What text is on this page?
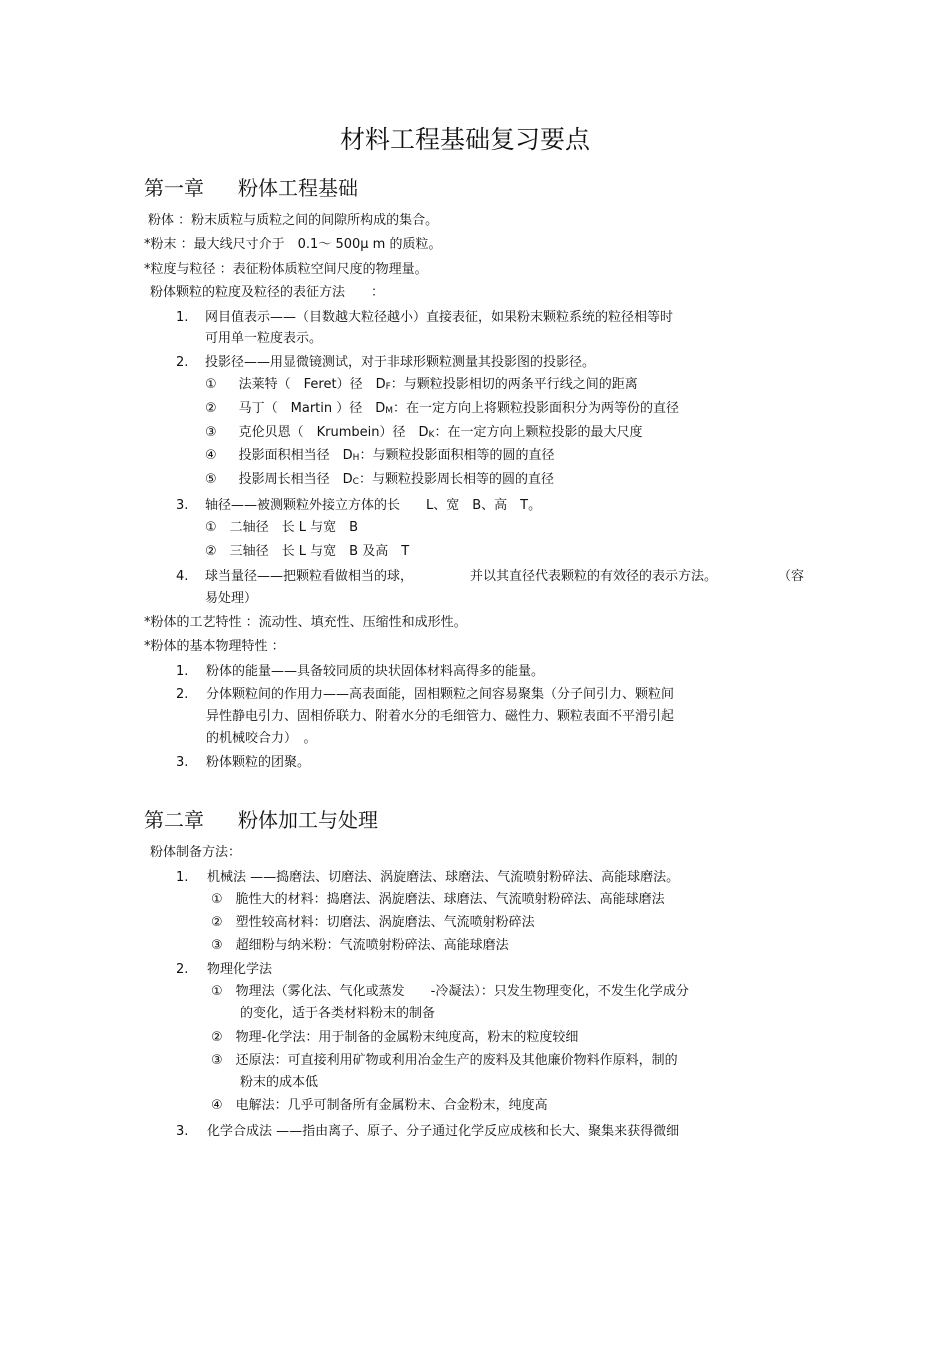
材料工程基础复习要点
第一章 粉体工程基础
粉体 ：粉末质粒与质粒之间的间隙所构成的集合。
*粉末 ：最大线尺寸介于　0.1～ 500μ m 的质粒。
*粒度与粒径 ：表征粉体质粒空间尺度的物理量。
粉体颗粒的粒度及粒径的表征方法　　：
1. 网目值表示——（目数越大粒径越小）直接表征，如果粉末颗粒系统的粒径相等时
可用单一粒度表示。
2. 投影径——用显微镜测试，对于非球形颗粒测量其投影图的投影径。
① 法莱特（　Feret）径　$D_F$：与颗粒投影相切的两条平行线之间的距离
② 马丁（　Martin ）径　$D_M$：在一定方向上将颗粒投影面积分为两等份的直径
③ 克伦贝恩（　Krumbein）径　$D_K$：在一定方向上颗粒投影的最大尺度
④ 投影面积相当径　$D_H$：与颗粒投影面积相等的圆的直径
⑤ 投影周长相当径　$D_C$：与颗粒投影周长相等的圆的直径
3. 轴径——被测颗粒外接立方体的长　　L、宽　B、高　T。
① 二轴径　长 L 与宽　B
② 三轴径　长 L 与宽　B 及高　T
4. 球当量径——把颗粒看做相当的球，	并以其直径代表颗粒的有效径的表示方法。	（容
易处理）
*粉体的工艺特性 ：流动性、填充性、压缩性和成形性。
*粉体的基本物理特性 ：
1. 粉体的能量——具备较同质的块状固体材料高得多的能量。
2. 分体颗粒间的作用力——高表面能，固相颗粒之间容易聚集（分子间引力、颗粒间
异性静电引力、固相侨联力、附着水分的毛细管力、磁性力、颗粒表面不平滑引起
的机械咬合力）　。
3. 粉体颗粒的团聚。
第二章 粉体加工与处理
粉体制备方法：
1. 机械法 ——捣磨法、切磨法、涡旋磨法、球磨法、气流喷射粉碎法、高能球磨法。
① 脆性大的材料：捣磨法、涡旋磨法、球磨法、气流喷射粉碎法、高能球磨法
② 塑性较高材料：切磨法、涡旋磨法、气流喷射粉碎法
③ 超细粉与纳米粉：气流喷射粉碎法、高能球磨法
2. 物理化学法
① 物理法（雾化法、气化或蒸发　　-冷凝法）：只发生物理变化，不发生化学成分
的变化，适于各类材料粉末的制备
② 物理-化学法：用于制备的金属粉末纯度高，粉末的粒度较细
③ 还原法：可直接利用矿物或利用冶金生产的废料及其他廉价物料作原料，制的
粉末的成本低
④ 电解法：几乎可制备所有金属粉末、合金粉末，纯度高
3. 化学合成法 ——指由离子、原子、分子通过化学反应成核和长大、聚集来获得微细
